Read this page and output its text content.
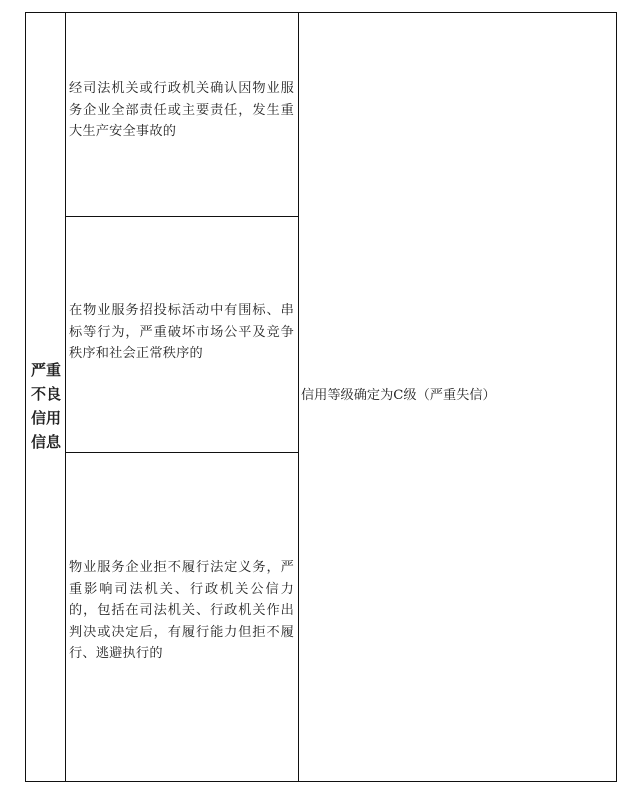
严重不良信用信息
经司法机关或行政机关确认因物业服务企业全部责任或主要责任，发生重大生产安全事故的
在物业服务招投标活动中有围标、串标等行为，严重破坏市场公平及竞争秩序和社会正常秩序的
物业服务企业拒不履行法定义务，严重影响司法机关、行政机关公信力的，包括在司法机关、行政机关作出判决或决定后，有履行能力但拒不履行、逃避执行的
信用等级确定为C级（严重失信）
